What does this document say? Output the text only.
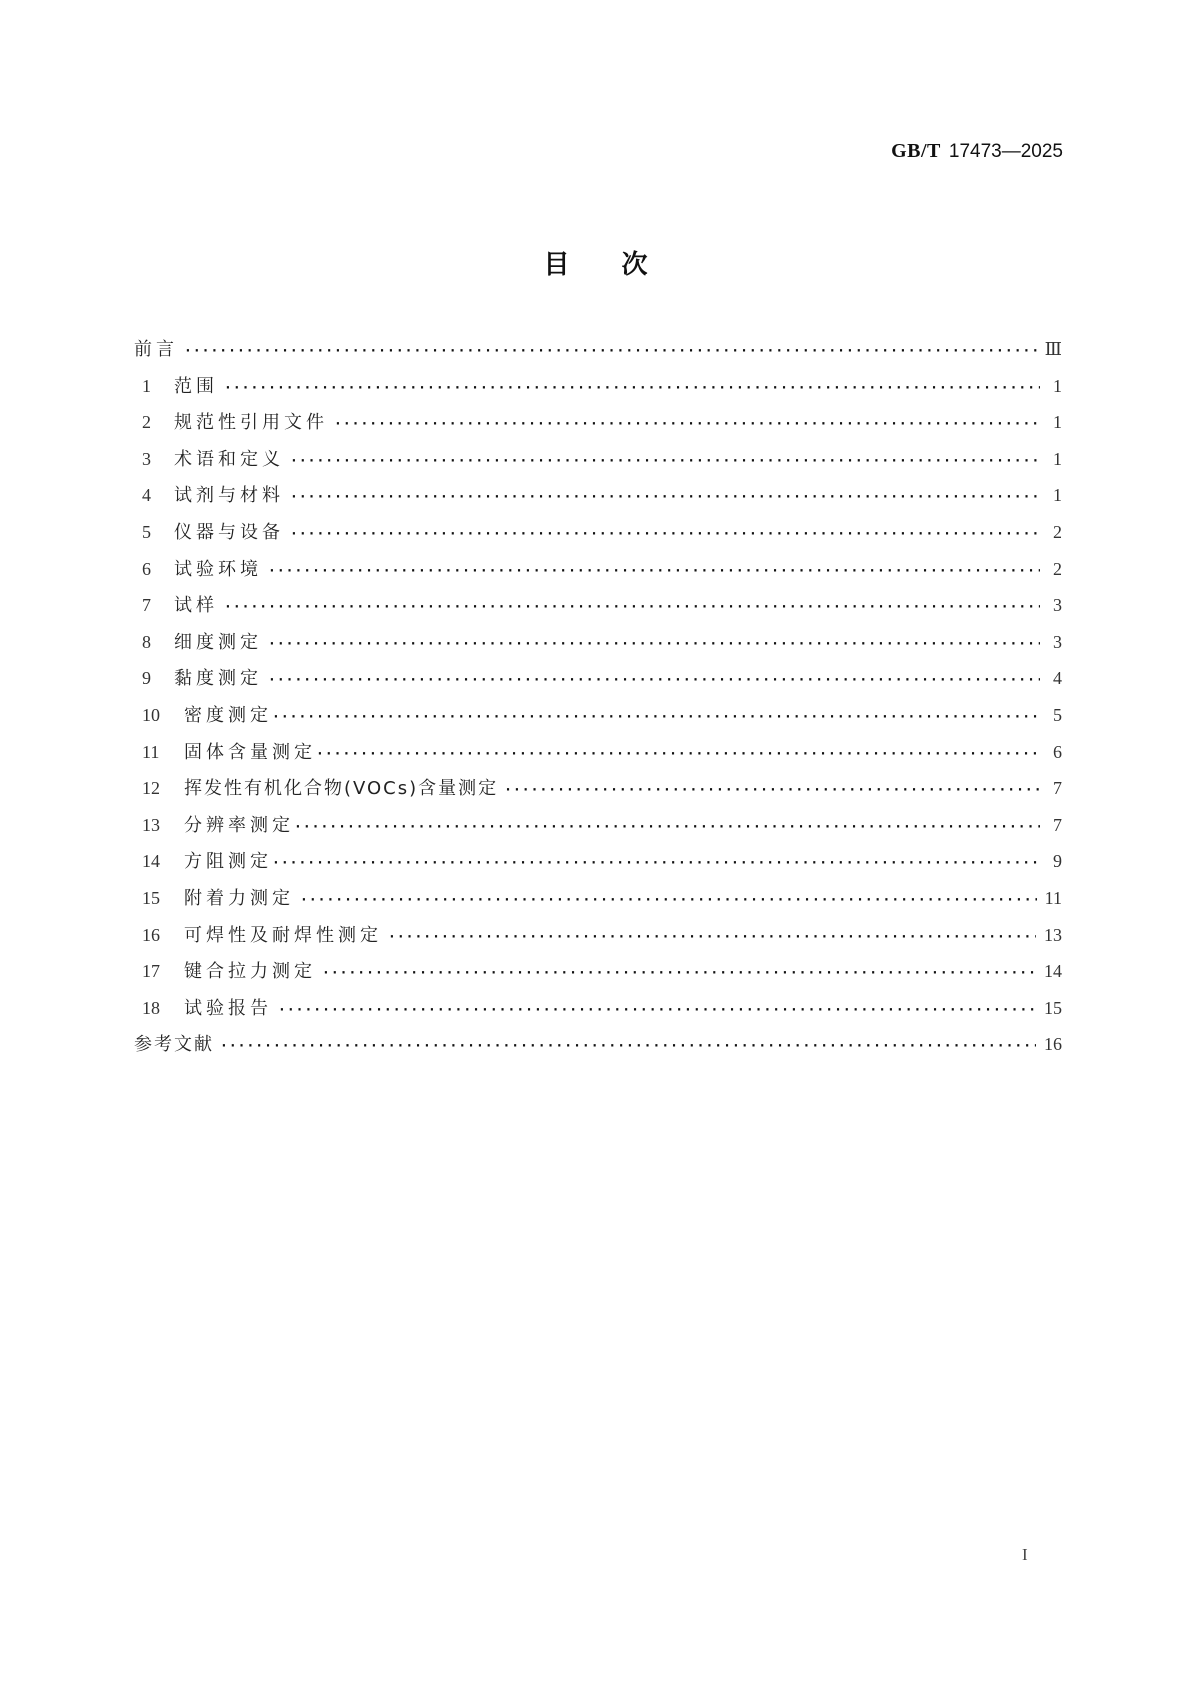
GB/T 17473—2025
目次
前言 ·····	Ⅲ
1	范围 ·····	1
2	规范性引用文件 ·····	1
3	术语和定义 ·····	1
4	试剂与材料 ·····	1
5	仪器与设备 ·····	2
6	试验环境 ·····	2
7	试样 ·····	3
8	细度测定 ·····	3
9	黏度测定 ·····	4
10	密度测定 ·····	5
11	固体含量测定 ·····	6
12	挥发性有机化合物(VOCs)含量测定 ·····	7
13	分辨率测定 ·····	7
14	方阻测定 ·····	9
15	附着力测定 ·····	11
16	可焊性及耐焊性测定 ·····	13
17	键合拉力测定 ·····	14
18	试验报告 ·····	15
参考文献 ·····	16
I
